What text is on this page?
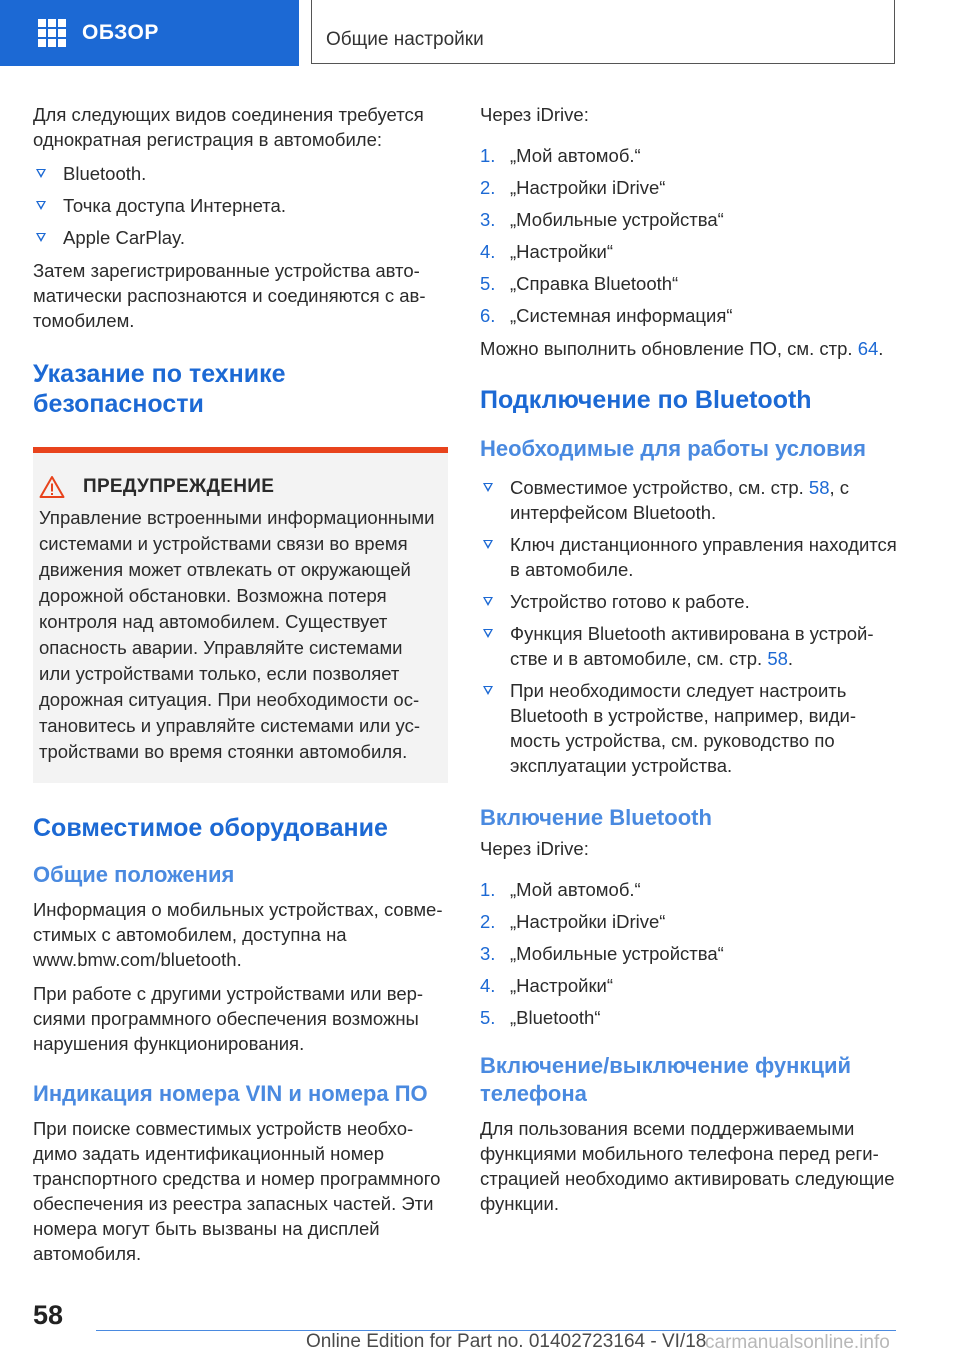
ОБЗОР	Общие настройки

Для следующих видов соединения требуется однократная регистрация в автомобиле:

Bluetooth.
Точка доступа Интернета.
Apple CarPlay.

Затем зарегистрированные устройства автоматически распознаются и соединяются с автомобилем.

Указание по технике безопасности
ПРЕДУПРЕЖДЕНИЕ

Управление встроенными информационными системами и устройствами связи во время движения может отвлекать от окружающей дорожной обстановки. Возможна потеря контроля над автомобилем. Существует опасность аварии. Управляйте системами или устройствами только, если позволяет дорожная ситуация. При необходимости остановитесь и управляйте системами или устройствами во время стоянки автомобиля.

Совместимое оборудование
Общие положения

Информация о мобильных устройствах, совместимых с автомобилем, доступна на www.bmw.com/bluetooth.

При работе с другими устройствами или версиями программного обеспечения возможны нарушения функционирования.

Индикация номера VIN и номера ПО

При поиске совместимых устройств необходимо задать идентификационный номер транспортного средства и номер программного обеспечения из реестра запасных частей. Эти номера могут быть вызваны на дисплей автомобиля.

Через iDrive:

1. „Мой автомоб.“
2. „Настройки iDrive“
3. „Мобильные устройства“
4. „Настройки“
5. „Справка Bluetooth“
6. „Системная информация“

Можно выполнить обновление ПО, см. стр. 64.

Подключение по Bluetooth
Необходимые для работы условия
Совместимое устройство, см. стр. 58, с интерфейсом Bluetooth.
Ключ дистанционного управления находится в автомобиле.
Устройство готово к работе.
Функция Bluetooth активирована в устройстве и в автомобиле, см. стр. 58.
При необходимости следует настроить Bluetooth в устройстве, например, видимость устройства, см. руководство по эксплуатации устройства.
Включение Bluetooth

Через iDrive:

1. „Мой автомоб.“
2. „Настройки iDrive“
3. „Мобильные устройства“
4. „Настройки“
5. „Bluetooth“
Включение/выключение функций телефона

Для пользования всеми поддерживаемыми функциями мобильного телефона перед регистрацией необходимо активировать следующие функции.

58
Online Edition for Part no. 01402723164 - VI/18
carmanualsonline.info
